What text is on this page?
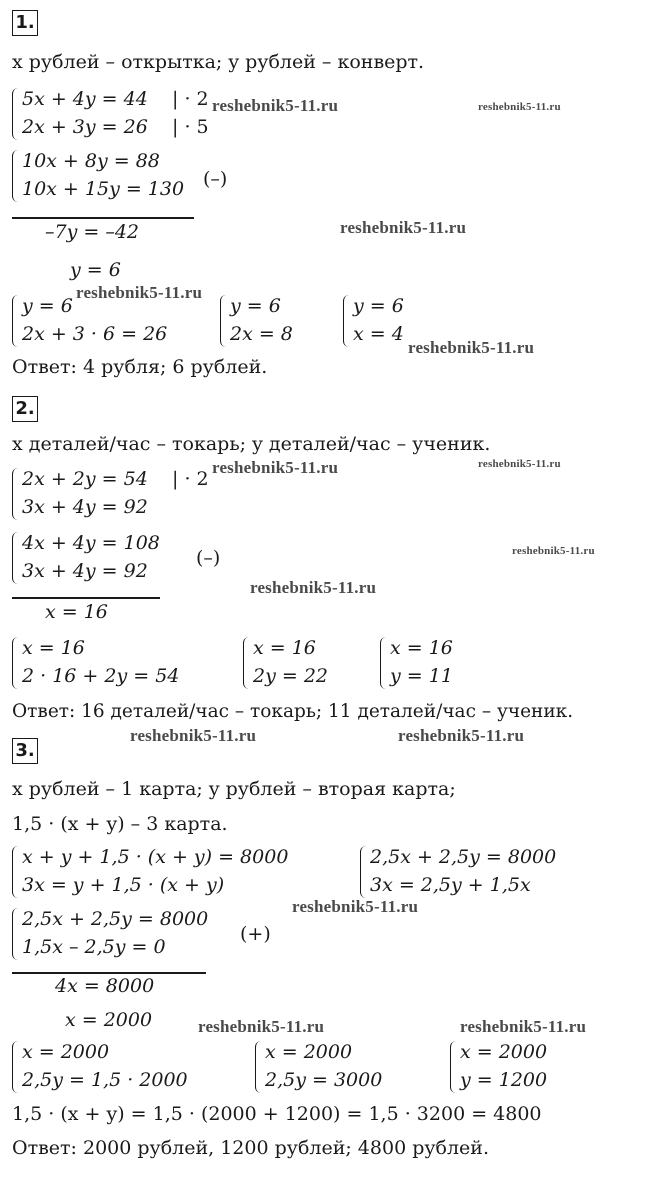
1.
x рублей – открытка; y рублей – конверт.
5x + 4y = 44 | · 2
2x + 3y = 26 | · 5
10x + 8y = 88
10x + 15y = 130 (–)
–7y = –42
y = 6
y = 6
2x + 3 · 6 = 26
y = 6
2x = 8
y = 6
x = 4
Ответ: 4 рубля; 6 рублей.
2.
x деталей/час – токарь; y деталей/час – ученик.
2x + 2y = 54 | · 2
3x + 4y = 92
4x + 4y = 108
3x + 4y = 92
(–)
x = 16
x = 16
2 · 16 + 2y = 54
x = 16
2y = 22
x = 16
y = 11
Ответ: 16 деталей/час – токарь; 11 деталей/час – ученик.
3.
x рублей – 1 карта; y рублей – вторая карта;
1,5 · (x + y) – 3 карта.
x + y + 1,5 · (x + y) = 8000
3x = y + 1,5 · (x + y)
2,5x + 2,5y = 8000
3x = 2,5y + 1,5x
2,5x + 2,5y = 8000
1,5x – 2,5y = 0
(+)
4x = 8000
x = 2000
x = 2000
2,5y = 1,5 · 2000
x = 2000
2,5y = 3000
x = 2000
y = 1200
1,5 · (x + y) = 1,5 · (2000 + 1200) = 1,5 · 3200 = 4800
Ответ: 2000 рублей, 1200 рублей; 4800 рублей.
reshebnik5-11.ru	reshebnik5-11.ru
reshebnik5-11.ru
reshebnik5-11.ru
reshebnik5-11.ru
reshebnik5-11.ru	reshebnik5-11.ru
reshebnik5-11.ru
reshebnik5-11.ru
reshebnik5-11.ru	reshebnik5-11.ru
reshebnik5-11.ru
reshebnik5-11.ru	reshebnik5-11.ru
